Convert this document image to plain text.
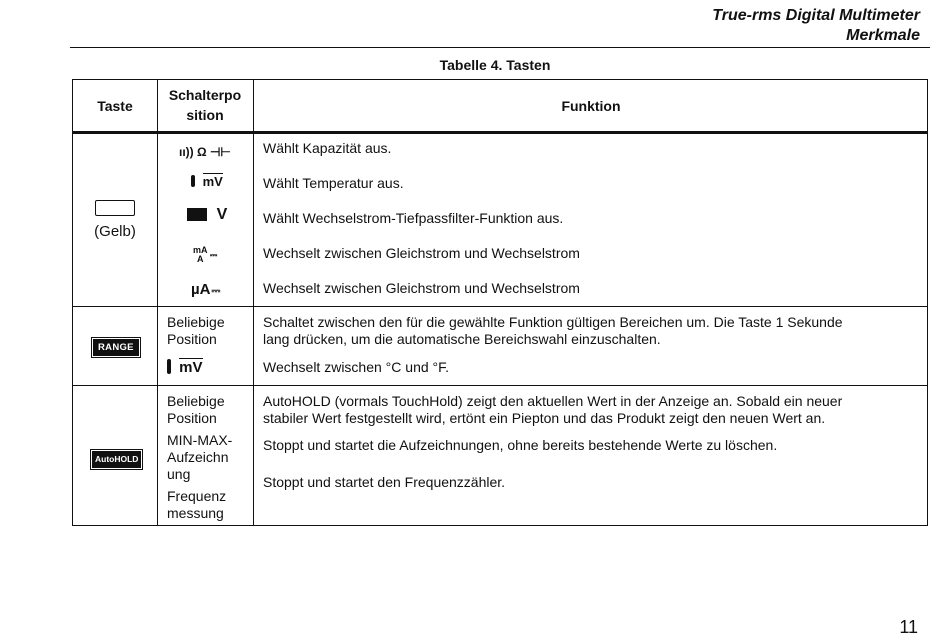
True-rms Digital Multimeter
Merkmale
Tabelle 4. Tasten
Taste
Schalterpo
sition
Funktion
(Gelb)
ıı)) Ω ⊣⊢
mV
V
mA
A ⎓
µA⎓
Wählt Kapazität aus.
Wählt Temperatur aus.
Wählt Wechselstrom-Tiefpassfilter-Funktion aus.
Wechselt zwischen Gleichstrom und Wechselstrom
Wechselt zwischen Gleichstrom und Wechselstrom
RANGE
Beliebige
Position
mV
Schaltet zwischen den für die gewählte Funktion gültigen Bereichen um. Die Taste 1 Sekunde
lang drücken, um die automatische Bereichswahl einzuschalten.
Wechselt zwischen °C und °F.
AutoHOLD
Beliebige
Position
MIN-MAX-
Aufzeichn
ung
Frequenz
messung
AutoHOLD (vormals TouchHold) zeigt den aktuellen Wert in der Anzeige an. Sobald ein neuer
stabiler Wert festgestellt wird, ertönt ein Piepton und das Produkt zeigt den neuen Wert an.
Stoppt und startet die Aufzeichnungen, ohne bereits bestehende Werte zu löschen.
Stoppt und startet den Frequenzzähler.
11
